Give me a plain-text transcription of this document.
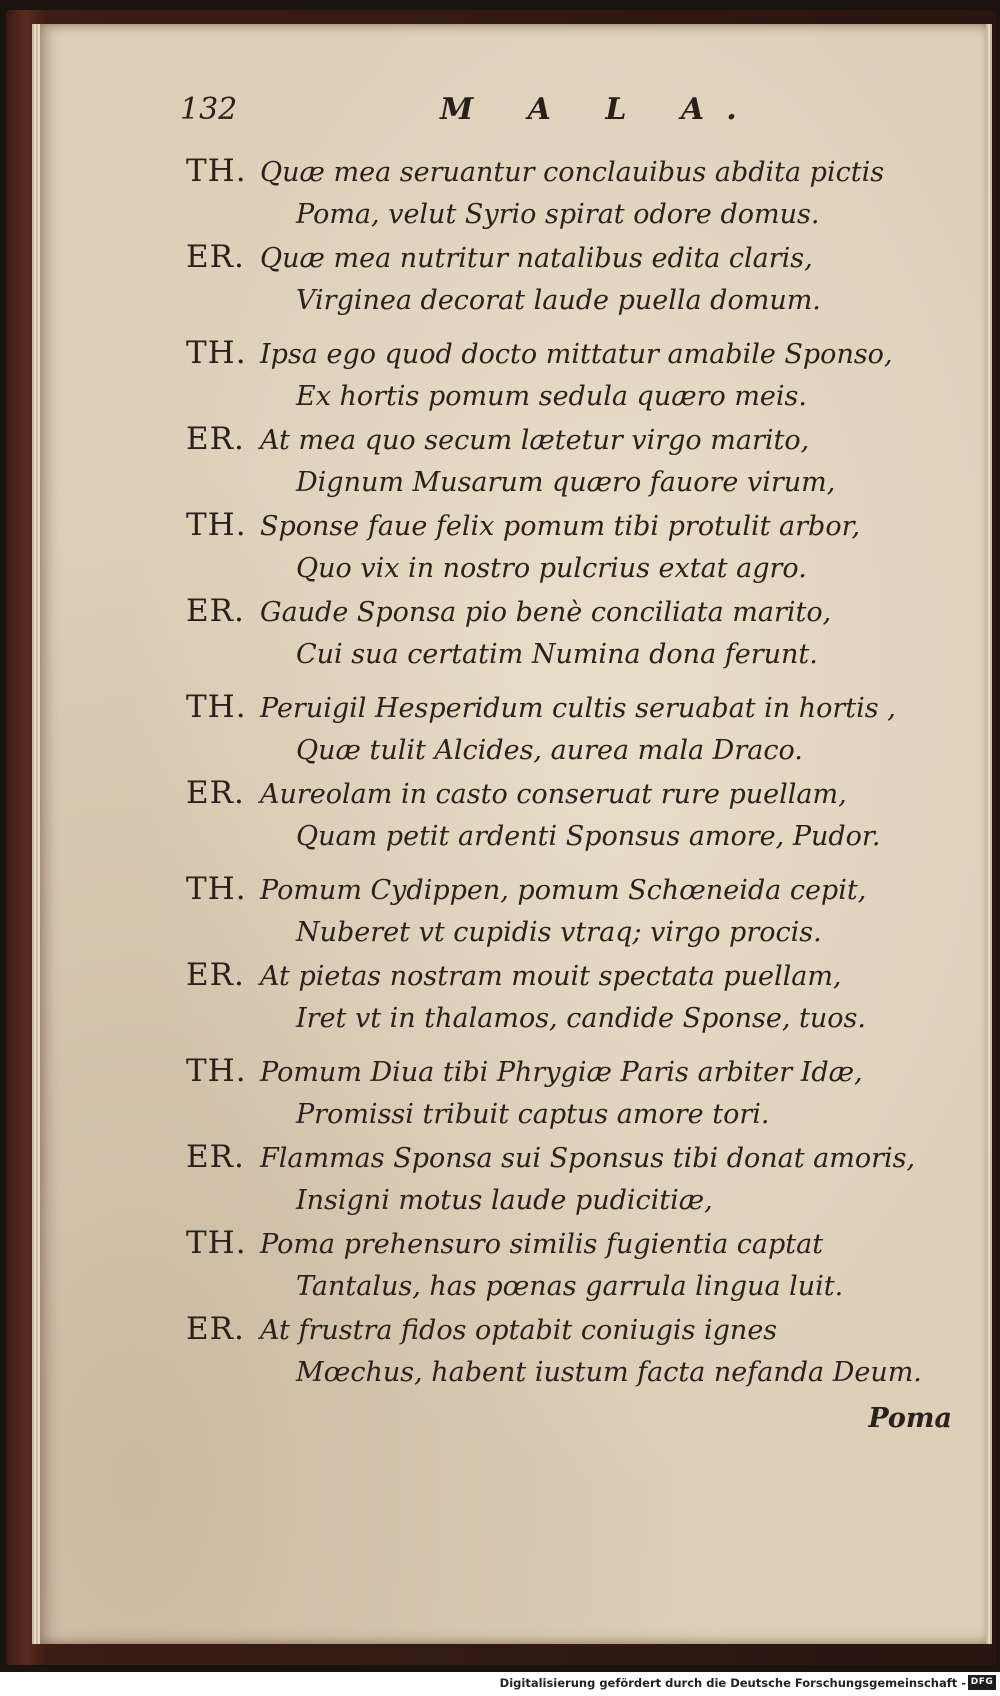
132	M A L A.
TH. Quæ mea seruantur conclauibus abdita pictis
Poma, velut Syrio spirat odore domus.
ER. Quæ mea nutritur natalibus edita claris,
Virginea decorat laude puella domum.
TH. Ipsa ego quod docto mittatur amabile Sponso,
Ex hortis pomum sedula quæro meis.
ER. At mea quo secum lætetur virgo marito,
Dignum Musarum quæro fauore virum,
TH. Sponse faue felix pomum tibi protulit arbor,
Quo vix in nostro pulcrius extat agro.
ER. Gaude Sponsa pio benè conciliata marito,
Cui sua certatim Numina dona ferunt.
TH. Peruigil Hesperidum cultis seruabat in hortis ,
Quæ tulit Alcides, aurea mala Draco.
ER. Aureolam in casto conseruat rure puellam,
Quam petit ardenti Sponsus amore, Pudor.
TH. Pomum Cydippen, pomum Schœneida cepit,
Nuberet vt cupidis vtraq; virgo procis.
ER. At pietas nostram mouit spectata puellam,
Iret vt in thalamos, candide Sponse, tuos.
TH. Pomum Diua tibi Phrygiæ Paris arbiter Idæ,
Promissi tribuit captus amore tori.
ER. Flammas Sponsa sui Sponsus tibi donat amoris,
Insigni motus laude pudicitiæ,
TH. Poma prehensuro similis fugientia captat
Tantalus, has pœnas garrula lingua luit.
ER. At frustra fidos optabit coniugis ignes
Mœchus, habent iustum facta nefanda Deum.
Poma
Digitalisierung gefördert durch die Deutsche Forschungsgemeinschaft - DFG
